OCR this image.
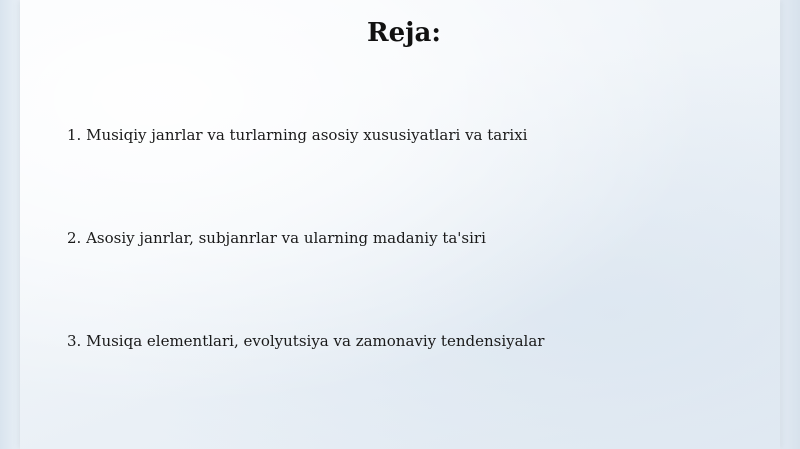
Reja:
1. Musiqiy janrlar va turlarning asosiy xususiyatlari va tarixi
2. Asosiy janrlar, subjanrlar va ularning madaniy ta'siri
3. Musiqa elementlari, evolyutsiya va zamonaviy tendensiyalar
